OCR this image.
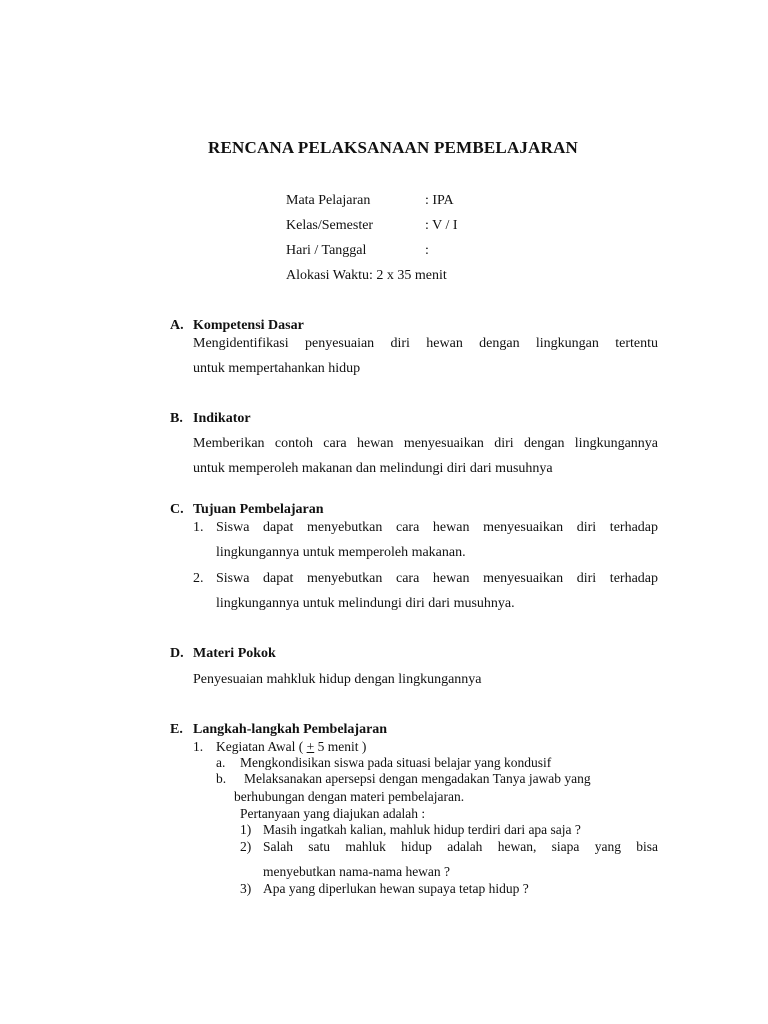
RENCANA PELAKSANAAN PEMBELAJARAN
Mata Pelajaran	: IPA
Kelas/Semester	: V / I
Hari / Tanggal	:
Alokasi Waktu: 2 x 35 menit
A. Kompetensi Dasar
Mengidentifikasi penyesuaian diri hewan dengan lingkungan tertentu
untuk mempertahankan hidup
B. Indikator
Memberikan contoh cara hewan menyesuaikan diri dengan lingkungannya
untuk memperoleh makanan dan melindungi diri dari musuhnya
C. Tujuan Pembelajaran
1. Siswa dapat menyebutkan cara hewan menyesuaikan diri terhadap
lingkungannya untuk memperoleh makanan.
2. Siswa dapat menyebutkan cara hewan menyesuaikan diri terhadap
lingkungannya untuk melindungi diri dari musuhnya.
D. Materi Pokok
Penyesuaian mahkluk hidup dengan lingkungannya
E. Langkah-langkah Pembelajaran
1. Kegiatan Awal ( + 5 menit )
a. Mengkondisikan siswa pada situasi belajar yang kondusif
b. Melaksanakan apersepsi dengan mengadakan Tanya jawab yang
berhubungan dengan materi pembelajaran.
Pertanyaan yang diajukan adalah :
1) Masih ingatkah kalian, mahluk hidup terdiri dari apa saja ?
2) Salah satu mahluk hidup adalah hewan, siapa yang bisa
menyebutkan nama-nama hewan ?
3) Apa yang diperlukan hewan supaya tetap hidup ?
